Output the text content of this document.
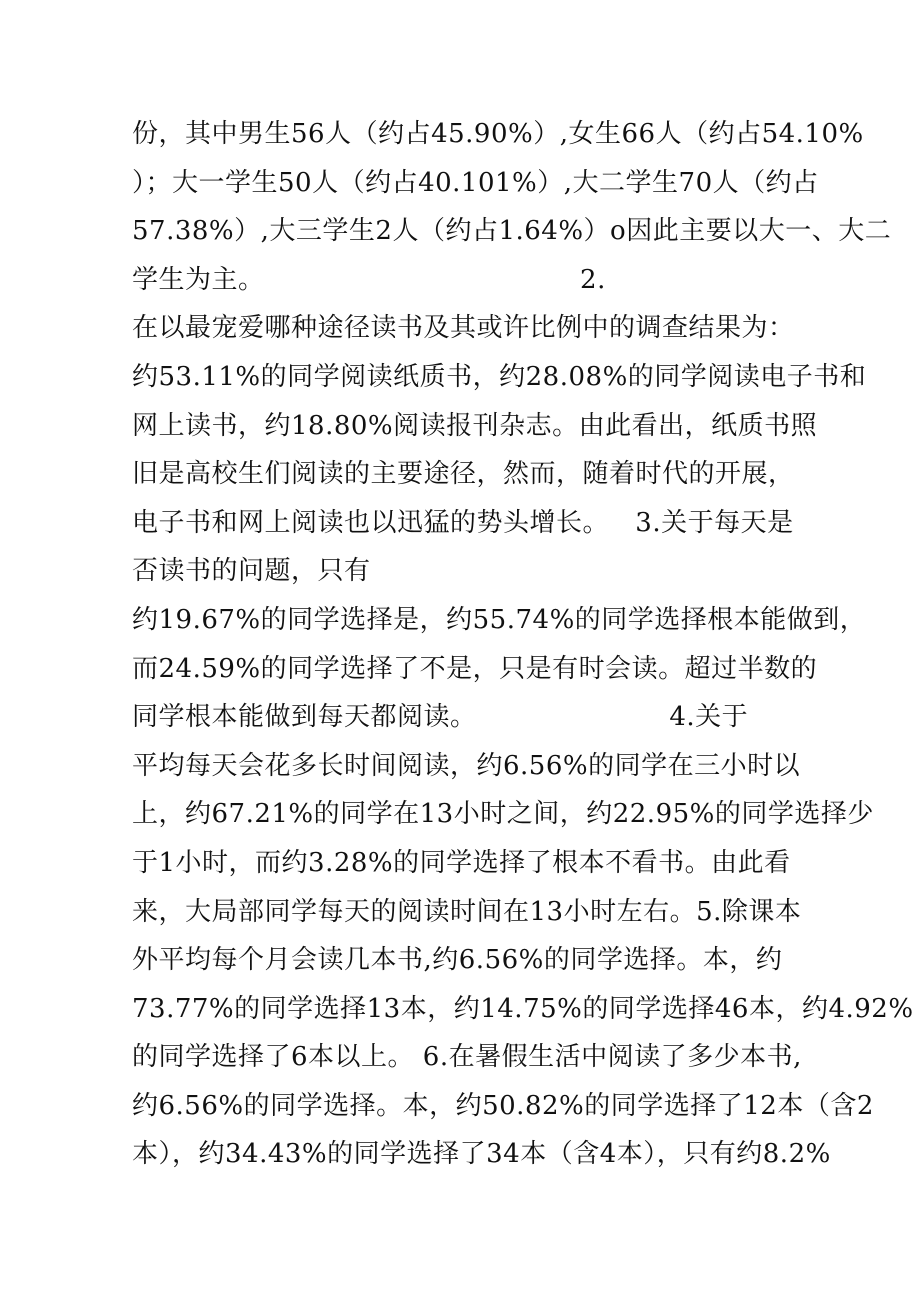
份，其中男生56人（约占45.90%）,女生66人（约占54.10%
）；大一学生50人（约占40.101%）,大二学生70人（约占
57.38%）,大三学生2人（约占1.64%）o因此主要以大一、大二
学生为主。                                    2.
在以最宠爱哪种途径读书及其或许比例中的调查结果为：
约53.11%的同学阅读纸质书，约28.08%的同学阅读电子书和
网上读书，约18.80%阅读报刊杂志。由此看出，纸质书照
旧是高校生们阅读的主要途径，然而，随着时代的开展，
电子书和网上阅读也以迅猛的势头增长。   3.关于每天是
否读书的问题，只有
约19.67%的同学选择是，约55.74%的同学选择根本能做到，
而24.59%的同学选择了不是，只是有时会读。超过半数的
同学根本能做到每天都阅读。                      4.关于
平均每天会花多长时间阅读，约6.56%的同学在三小时以
上，约67.21%的同学在13小时之间，约22.95%的同学选择少
于1小时，而约3.28%的同学选择了根本不看书。由此看
来，大局部同学每天的阅读时间在13小时左右。5.除课本
外平均每个月会读几本书,约6.56%的同学选择。本，约
73.77%的同学选择13本，约14.75%的同学选择46本，约4.92%
的同学选择了6本以上。 6.在暑假生活中阅读了多少本书,
约6.56%的同学选择。本，约50.82%的同学选择了12本（含2
本），约34.43%的同学选择了34本（含4本），只有约8.2%
